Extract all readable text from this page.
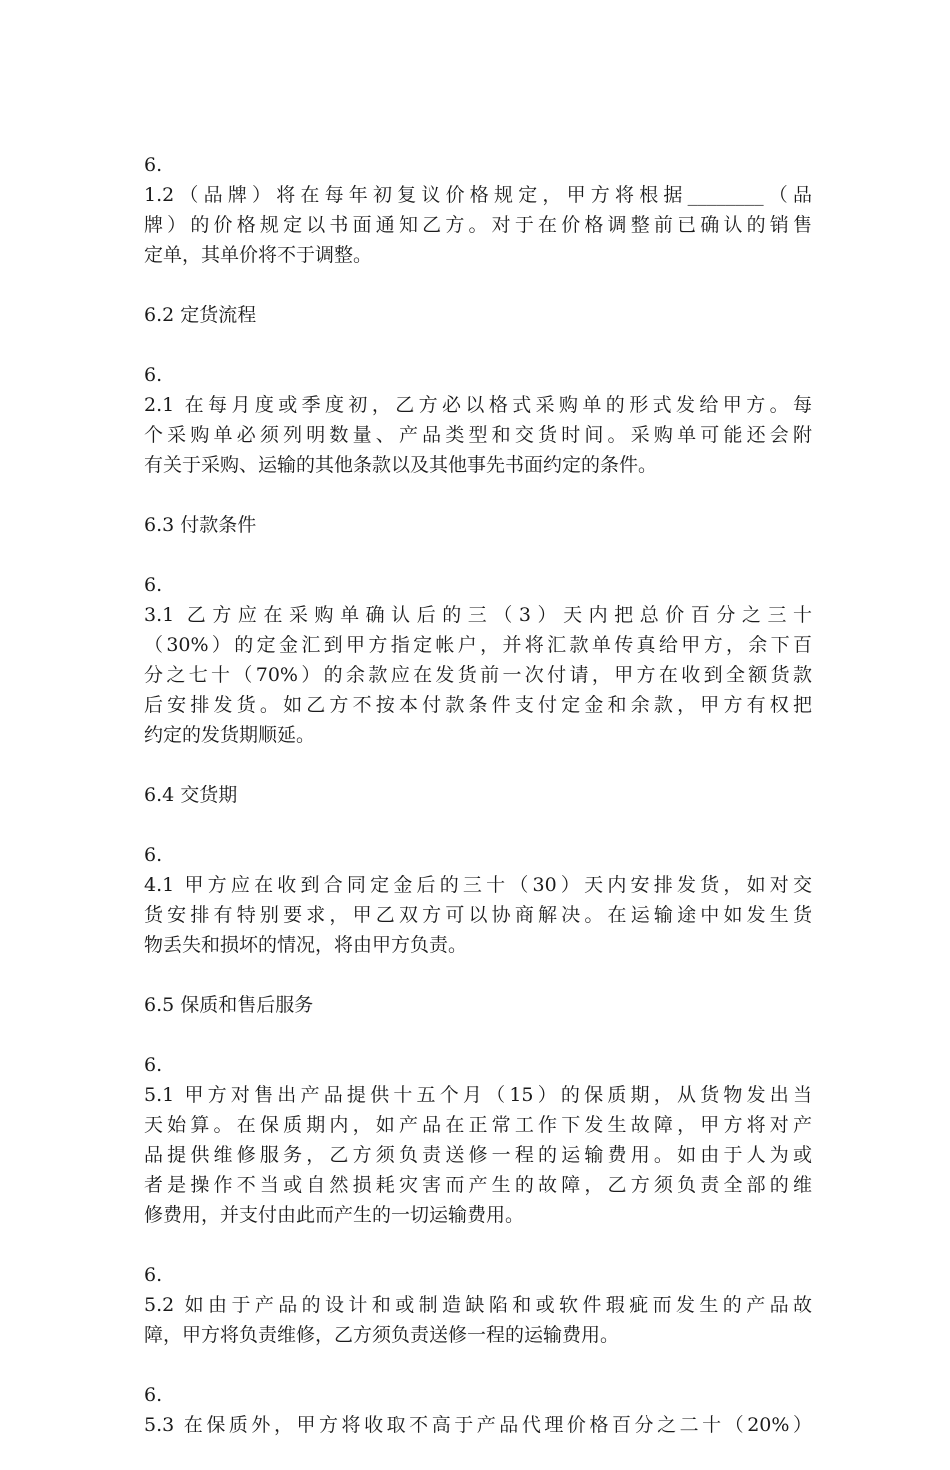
6.
1.2（品牌）将在每年初复议价格规定，甲方将根据________（品
牌）的价格规定以书面通知乙方。对于在价格调整前已确认的销售
定单，其单价将不于调整。
6.2 定货流程
6.
2.1 在每月度或季度初，乙方必以格式采购单的形式发给甲方。每
个采购单必须列明数量、产品类型和交货时间。采购单可能还会附
有关于采购、运输的其他条款以及其他事先书面约定的条件。
6.3 付款条件
6.
3.1 乙方应在采购单确认后的三（3）天内把总价百分之三十
（30%）的定金汇到甲方指定帐户，并将汇款单传真给甲方，余下百
分之七十（70%）的余款应在发货前一次付请，甲方在收到全额货款
后安排发货。如乙方不按本付款条件支付定金和余款，甲方有权把
约定的发货期顺延。
6.4 交货期
6.
4.1 甲方应在收到合同定金后的三十（30）天内安排发货，如对交
货安排有特别要求，甲乙双方可以协商解决。在运输途中如发生货
物丢失和损坏的情况，将由甲方负责。
6.5 保质和售后服务
6.
5.1 甲方对售出产品提供十五个月（15）的保质期，从货物发出当
天始算。在保质期内，如产品在正常工作下发生故障，甲方将对产
品提供维修服务，乙方须负责送修一程的运输费用。如由于人为或
者是操作不当或自然损耗灾害而产生的故障，乙方须负责全部的维
修费用，并支付由此而产生的一切运输费用。
6.
5.2 如由于产品的设计和或制造缺陷和或软件瑕疵而发生的产品故
障，甲方将负责维修，乙方须负责送修一程的运输费用。
6.
5.3 在保质外，甲方将收取不高于产品代理价格百分之二十（20%）
